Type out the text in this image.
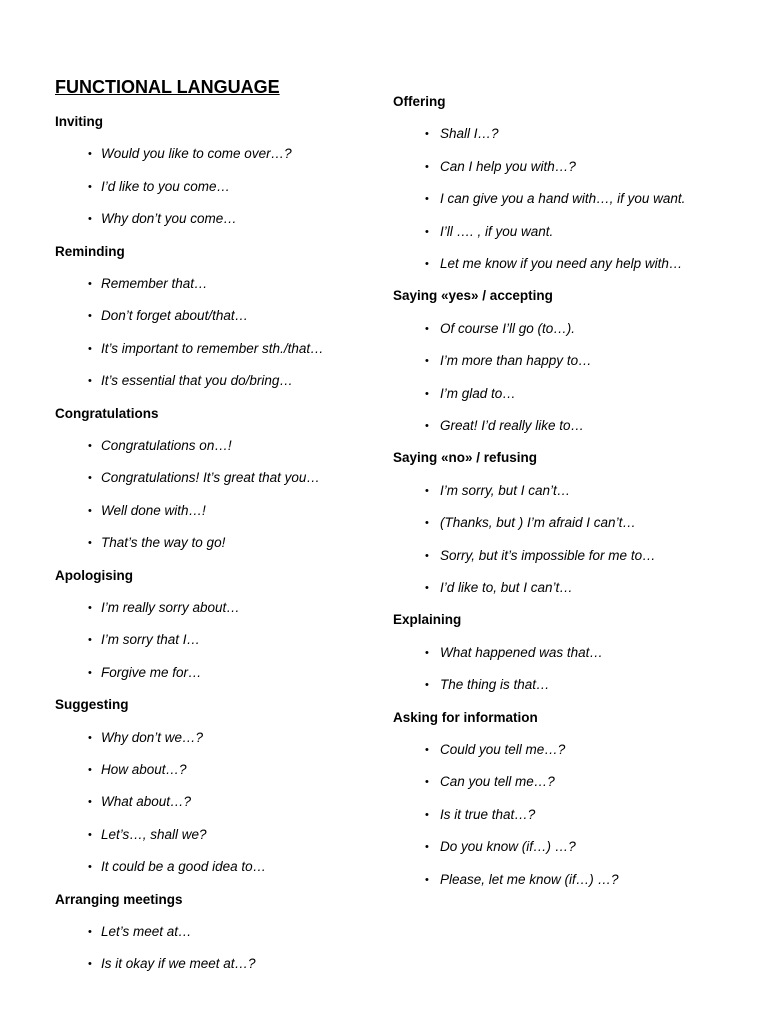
FUNCTIONAL LANGUAGE
Inviting
• Would you like to come over…?
• I’d like to you come…
• Why don’t you come…
Reminding
• Remember that…
• Don’t forget about/that…
• It’s important to remember sth./that…
• It’s essential that you do/bring…
Congratulations
• Congratulations on…!
• Congratulations! It’s great that you…
• Well done with…!
• That’s the way to go!
Apologising
• I’m really sorry about…
• I’m sorry that I…
• Forgive me for…
Suggesting
• Why don’t we…?
• How about…?
• What about…?
• Let’s…, shall we?
• It could be a good idea to…
Arranging meetings
• Let’s meet at…
• Is it okay if we meet at…?
Offering
• Shall I…?
• Can I help you with…?
• I can give you a hand with…, if you want.
• I’ll …. , if you want.
• Let me know if you need any help with…
Saying «yes» / accepting
• Of course I’ll go (to…).
• I’m more than happy to…
• I’m glad to…
• Great! I’d really like to…
Saying «no» / refusing
• I’m sorry, but I can’t…
• (Thanks, but ) I’m afraid I can’t…
• Sorry, but it’s impossible for me to…
• I’d like to, but I can’t…
Explaining
• What happened was that…
• The thing is that…
Asking for information
• Could you tell me…?
• Can you tell me…?
• Is it true that…?
• Do you know (if…) …?
• Please, let me know (if…) …?
